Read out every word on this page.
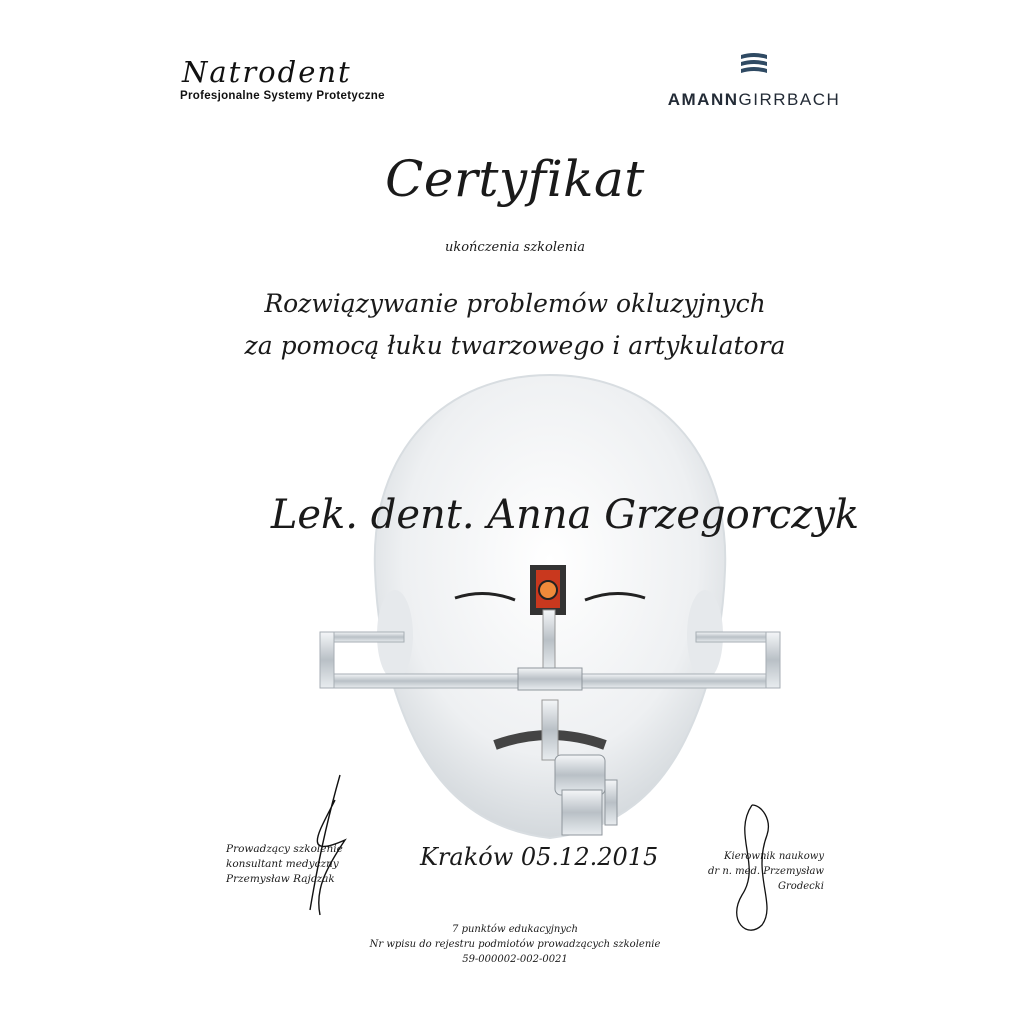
Natrodent
Profesjonalne Systemy Protetyczne	AMANNGIRRBACH
Certyfikat
ukończenia szkolenia
Rozwiązywanie problemów okluzyjnych
za pomocą łuku twarzowego i artykulatora
Lek. dent. Anna Grzegorczyk
Prowadzący szkolenie
konsultant medyczny
Przemysław Rajczak
Kraków 05.12.2015	Kierownik naukowy
dr n. med. Przemysław Grodecki
7 punktów edukacyjnych
Nr wpisu do rejestru podmiotów prowadzących szkolenie
59-000002-002-0021
